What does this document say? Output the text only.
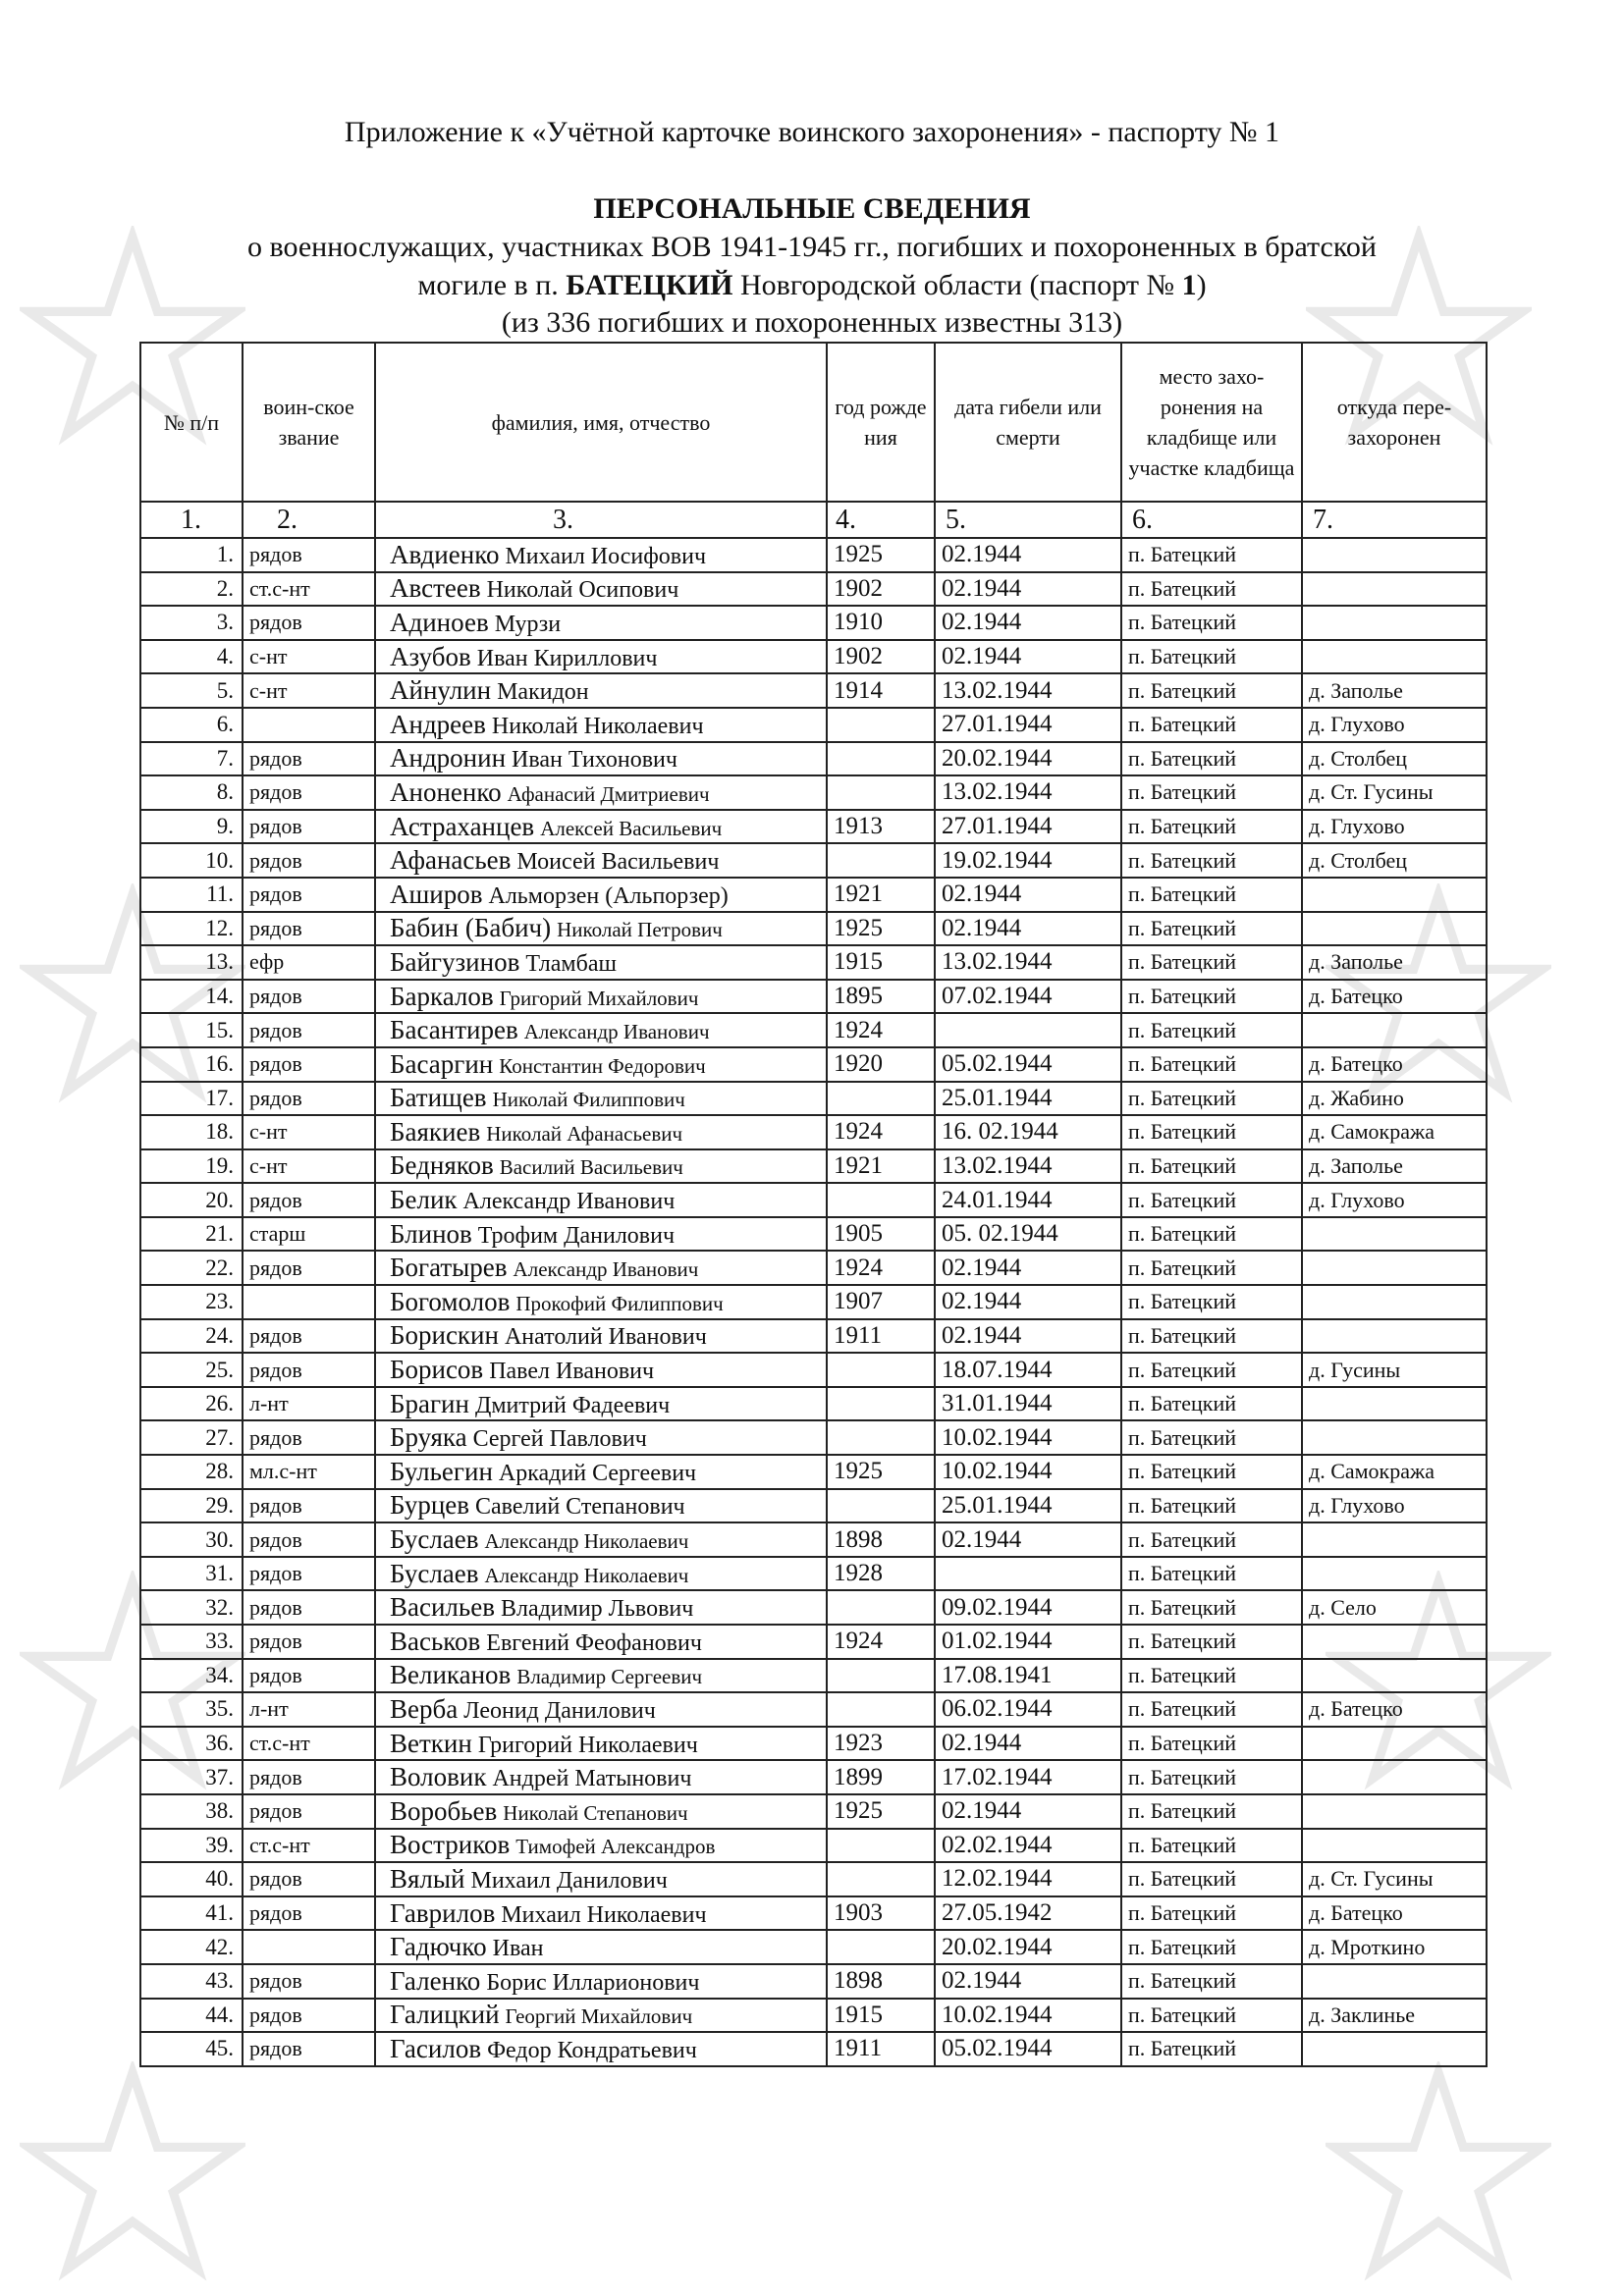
Приложение к «Учётной карточке воинского захоронения» - паспорту № 1
ПЕРСОНАЛЬНЫЕ СВЕДЕНИЯ
о военнослужащих, участниках ВОВ 1941-1945 гг., погибших и похороненных в братской
могиле в п. БАТЕЦКИЙ Новгородской области (паспорт № 1)
(из 336 погибших и похороненных известны 313)
№ п/п	воин-ское звание	фамилия, имя, отчество	год рожде ния	дата гибели или смерти	место захо-ронения на кладбище или участке кладбища	откуда пере-захоронен
1.	2.	3.	4.	5.	6.	7.
1.	рядов	Авдиенко Михаил Иосифович	1925	02.1944	п. Батецкий	
2.	ст.с-нт	Австеев Николай Осипович	1902	02.1944	п. Батецкий	
3.	рядов	Адиноев Мурзи	1910	02.1944	п. Батецкий	
4.	с-нт	Азубов Иван Кириллович	1902	02.1944	п. Батецкий	
5.	с-нт	Айнулин Макидон	1914	13.02.1944	п. Батецкий	д. Заполье
6.		Андреев Николай Николаевич		27.01.1944	п. Батецкий	д. Глухово
7.	рядов	Андронин Иван Тихонович		20.02.1944	п. Батецкий	д. Столбец
8.	рядов	Аноненко Афанасий Дмитриевич		13.02.1944	п. Батецкий	д. Ст. Гусины
9.	рядов	Астраханцев Алексей Васильевич	1913	27.01.1944	п. Батецкий	д. Глухово
10.	рядов	Афанасьев Моисей Васильевич		19.02.1944	п. Батецкий	д. Столбец
11.	рядов	Аширов Альморзен (Альпорзер)	1921	02.1944	п. Батецкий	
12.	рядов	Бабин (Бабич) Николай Петрович	1925	02.1944	п. Батецкий	
13.	ефр	Байгузинов Тламбаш	1915	13.02.1944	п. Батецкий	д. Заполье
14.	рядов	Баркалов Григорий Михайлович	1895	07.02.1944	п. Батецкий	д. Батецко
15.	рядов	Басантирев Александр Иванович	1924		п. Батецкий	
16.	рядов	Басаргин Константин Федорович	1920	05.02.1944	п. Батецкий	д. Батецко
17.	рядов	Батищев Николай Филиппович		25.01.1944	п. Батецкий	д. Жабино
18.	с-нт	Баякиев Николай Афанасьевич	1924	16. 02.1944	п. Батецкий	д. Самокража
19.	с-нт	Бедняков Василий Васильевич	1921	13.02.1944	п. Батецкий	д. Заполье
20.	рядов	Белик Александр Иванович		24.01.1944	п. Батецкий	д. Глухово
21.	старш	Блинов Трофим Данилович	1905	05. 02.1944	п. Батецкий	
22.	рядов	Богатырев Александр Иванович	1924	02.1944	п. Батецкий	
23.		Богомолов Прокофий Филиппович	1907	02.1944	п. Батецкий	
24.	рядов	Борискин Анатолий Иванович	1911	02.1944	п. Батецкий	
25.	рядов	Борисов Павел Иванович		18.07.1944	п. Батецкий	д. Гусины
26.	л-нт	Брагин Дмитрий Фадеевич		31.01.1944	п. Батецкий	
27.	рядов	Бруяка Сергей Павлович		10.02.1944	п. Батецкий	
28.	мл.с-нт	Бульегин Аркадий Сергеевич	1925	10.02.1944	п. Батецкий	д. Самокража
29.	рядов	Бурцев Савелий Степанович		25.01.1944	п. Батецкий	д. Глухово
30.	рядов	Буслаев Александр Николаевич	1898	02.1944	п. Батецкий	
31.	рядов	Буслаев Александр Николаевич	1928		п. Батецкий	
32.	рядов	Васильев Владимир Львович		09.02.1944	п. Батецкий	д. Село
33.	рядов	Васьков Евгений Феофанович	1924	01.02.1944	п. Батецкий	
34.	рядов	Великанов Владимир Сергеевич		17.08.1941	п. Батецкий	
35.	л-нт	Верба Леонид Данилович		06.02.1944	п. Батецкий	д. Батецко
36.	ст.с-нт	Веткин Григорий Николаевич	1923	02.1944	п. Батецкий	
37.	рядов	Воловик Андрей Матынович	1899	17.02.1944	п. Батецкий	
38.	рядов	Воробьев Николай Степанович	1925	02.1944	п. Батецкий	
39.	ст.с-нт	Востриков Тимофей Александров		02.02.1944	п. Батецкий	
40.	рядов	Вялый Михаил Данилович		12.02.1944	п. Батецкий	д. Ст. Гусины
41.	рядов	Гаврилов Михаил Николаевич	1903	27.05.1942	п. Батецкий	д. Батецко
42.		Гадючко Иван		20.02.1944	п. Батецкий	д. Мроткино
43.	рядов	Галенко Борис Илларионович	1898	02.1944	п. Батецкий	
44.	рядов	Галицкий Георгий Михайлович	1915	10.02.1944	п. Батецкий	д. Заклинье
45.	рядов	Гасилов Федор Кондратьевич	1911	05.02.1944	п. Батецкий	
